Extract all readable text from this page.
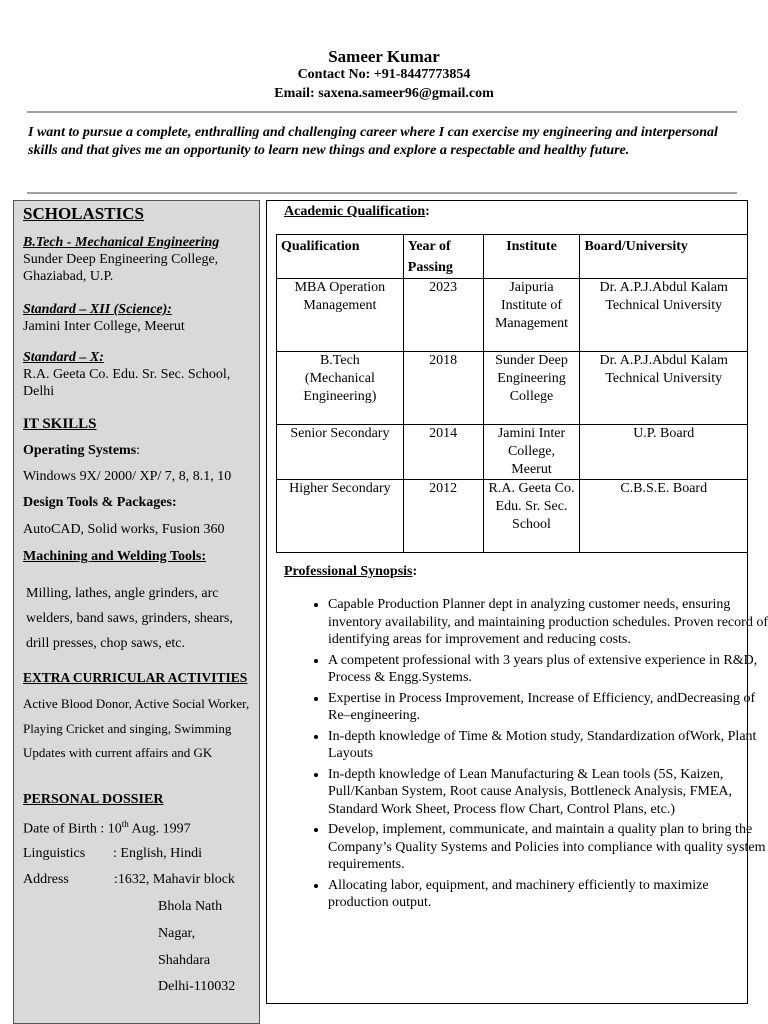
Sameer Kumar
Contact No: +91-8447773854
Email: saxena.sameer96@gmail.com
I want to pursue a complete, enthralling and challenging career where I can exercise my engineering and interpersonal skills and that gives me an opportunity to learn new things and explore a respectable and healthy future.
SCHOLASTICS
B.Tech - Mechanical Engineering
Sunder Deep Engineering College, Ghaziabad, U.P.
Standard – XII (Science):
Jamini Inter College, Meerut
Standard – X:
R.A. Geeta Co. Edu. Sr. Sec. School, Delhi
IT SKILLS
Operating Systems:
Windows 9X/ 2000/ XP/ 7, 8, 8.1, 10
Design Tools & Packages:
AutoCAD, Solid works, Fusion 360
Machining and Welding Tools:
Milling, lathes, angle grinders, arc welders, band saws, grinders, shears, drill presses, chop saws, etc.
EXTRA CURRICULAR ACTIVITIES
Active Blood Donor, Active Social Worker, Playing Cricket and singing, Swimming Updates with current affairs and GK
PERSONAL DOSSIER
Date of Birth : 10th Aug. 1997
Linguistics : English, Hindi
Address	:1632, Mahavir block
Bhola Nath
Nagar,
Shahdara
Delhi-110032
Academic Qualification:
Qualification	Year of Passing	Institute	Board/University
MBA Operation Management	2023	Jaipuria Institute of Management	Dr. A.P.J.Abdul Kalam Technical University
B.Tech (Mechanical Engineering)	2018	Sunder Deep Engineering College	Dr. A.P.J.Abdul Kalam Technical University
Senior Secondary	2014	Jamini Inter College, Meerut	U.P. Board
Higher Secondary	2012	R.A. Geeta Co. Edu. Sr. Sec. School	C.B.S.E. Board
Professional Synopsis:
• Capable Production Planner dept in analyzing customer needs, ensuring inventory availability, and maintaining production schedules. Proven record of identifying areas for improvement and reducing costs.
• A competent professional with 3 years plus of extensive experience in R&D, Process & Engg.Systems.
• Expertise in Process Improvement, Increase of Efficiency, andDecreasing of Re–engineering.
• In-depth knowledge of Time & Motion study, Standardization ofWork, Plant Layouts
• In-depth knowledge of Lean Manufacturing & Lean tools (5S, Kaizen, Pull/Kanban System, Root cause Analysis, Bottleneck Analysis, FMEA, Standard Work Sheet, Process flow Chart, Control Plans, etc.)
• Develop, implement, communicate, and maintain a quality plan to bring the Company’s Quality Systems and Policies into compliance with quality system requirements.
• Allocating labor, equipment, and machinery efficiently to maximize production output.
